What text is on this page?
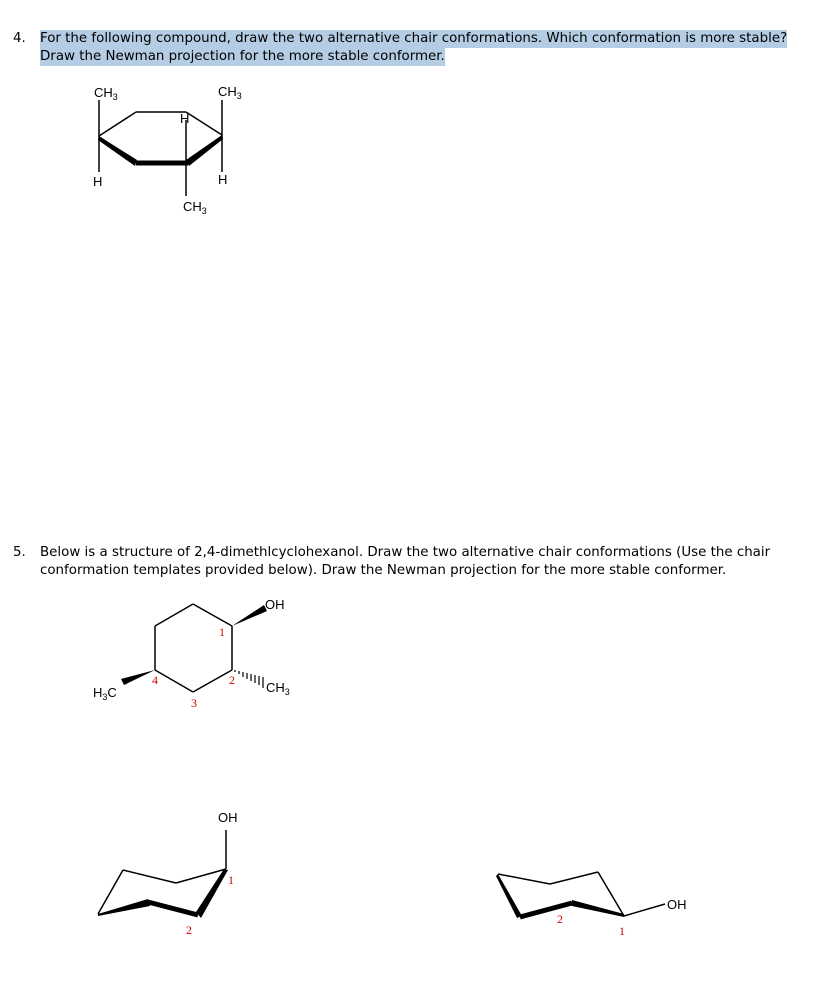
4. For the following compound, draw the two alternative chair conformations. Which conformation is more stable?
Draw the Newman projection for the more stable conformer.
5. Below is a structure of 2,4-dimethlcyclohexanol. Draw the two alternative chair conformations (Use the chair
conformation templates provided below). Draw the Newman projection for the more stable conformer.
$CH_3$	$CH_3$
H
H	H
$CH_3$
OH
$CH_3$
$H_3C$
1
2
3
4
OH
1
2
OH
1
2
